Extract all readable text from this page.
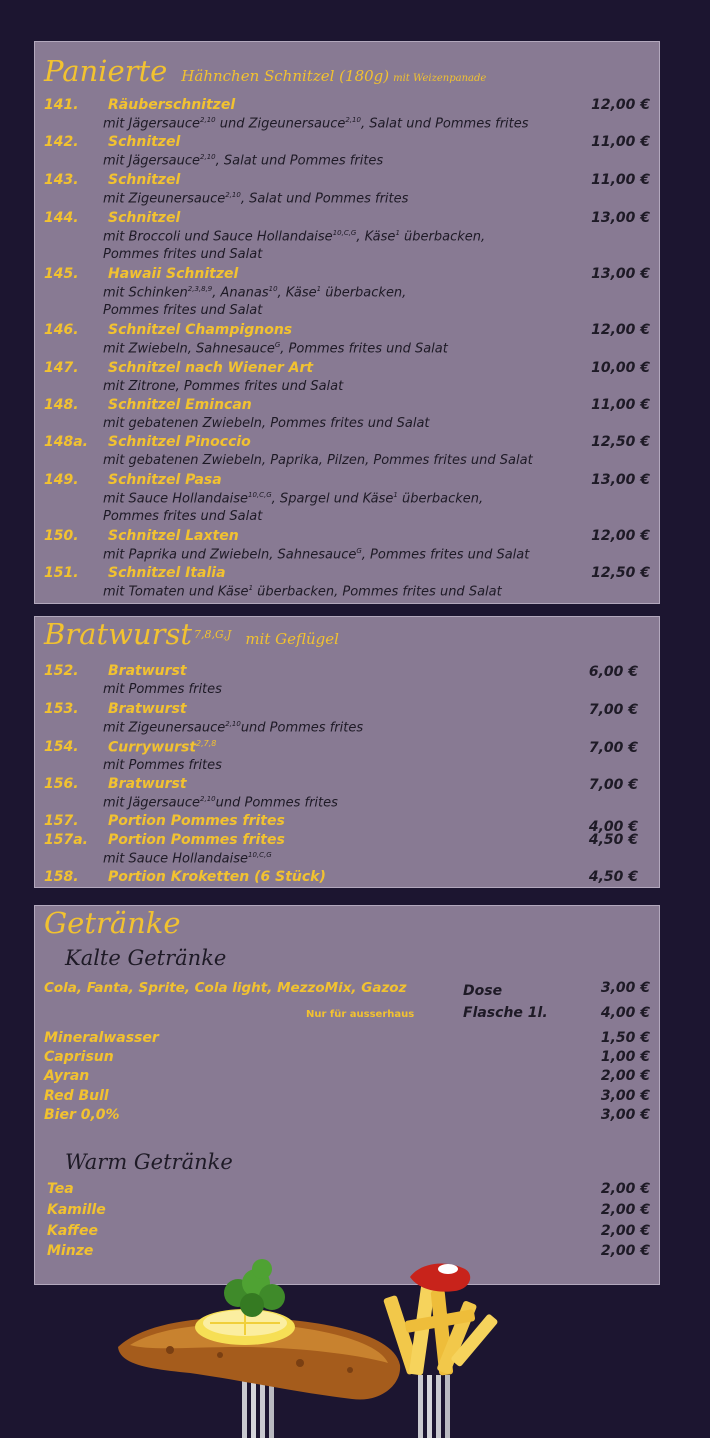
Panierte Hähnchen Schnitzel (180g) mit Weizenpanade
141.	Räuberschnitzel	12,00 €
mit Jägersauce$^{2,10}$ und Zigeunersauce$^{2,10}$, Salat und Pommes frites
142.	Schnitzel	11,00 €
mit Jägersauce$^{2,10}$, Salat und Pommes frites
143.	Schnitzel	11,00 €
mit Zigeunersauce$^{2,10}$, Salat und Pommes frites
144.	Schnitzel	13,00 €
mit Broccoli und Sauce Hollandaise$^{10,C,G}$, Käse$^1$ überbacken,
Pommes frites und Salat
145.	Hawaii Schnitzel	13,00 €
mit Schinken$^{2,3,8,9}$, Ananas$^{10}$, Käse$^1$ überbacken,
Pommes frites und Salat
146.	Schnitzel Champignons	12,00 €
mit Zwiebeln, Sahnesauce$^G$, Pommes frites und Salat
147.	Schnitzel nach Wiener Art	10,00 €
mit Zitrone, Pommes frites und Salat
148.	Schnitzel Emincan	11,00 €
mit gebatenen Zwiebeln, Pommes frites und Salat
148a.	Schnitzel Pinoccio	12,50 €
mit gebatenen Zwiebeln, Paprika, Pilzen, Pommes frites und Salat
149.	Schnitzel Pasa	13,00 €
mit Sauce Hollandaise$^{10,C,G}$, Spargel und Käse$^1$ überbacken,
Pommes frites und Salat
150.	Schnitzel Laxten	12,00 €
mit Paprika und Zwiebeln, Sahnesauce$^G$, Pommes frites und Salat
151.	Schnitzel Italia	12,50 €
mit Tomaten und Käse$^1$ überbacken, Pommes frites und Salat
Bratwurst $^{7,8,G,J}$ mit Geflügel
152.	Bratwurst	6,00 €
mit Pommes frites
153.	Bratwurst	7,00 €
mit Zigeunersauce$^{2,10}$und Pommes frites
154.	Currywurst$^{2,7,8}$	7,00 €
mit Pommes frites
156.	Bratwurst	7,00 €
mit Jägersauce$^{2,10}$und Pommes frites
157.	Portion Pommes frites	4,00 €
157a.	Portion Pommes frites	4,50 €
mit Sauce Hollandaise$^{10,C,G}$
158.	Portion Kroketten (6 Stück)	4,50 €
Getränke
Kalte Getränke
Cola, Fanta, Sprite, Cola light, MezzoMix, Gazoz	Dose	3,00 €
Nur für ausserhaus	Flasche 1l.	4,00 €
Mineralwasser	1,50 €
Caprisun	1,00 €
Ayran	2,00 €
Red Bull	3,00 €
Bier 0,0%	3,00 €
Warm Getränke
Tea	2,00 €
Kamille	2,00 €
Kaffee	2,00 €
Minze	2,00 €
